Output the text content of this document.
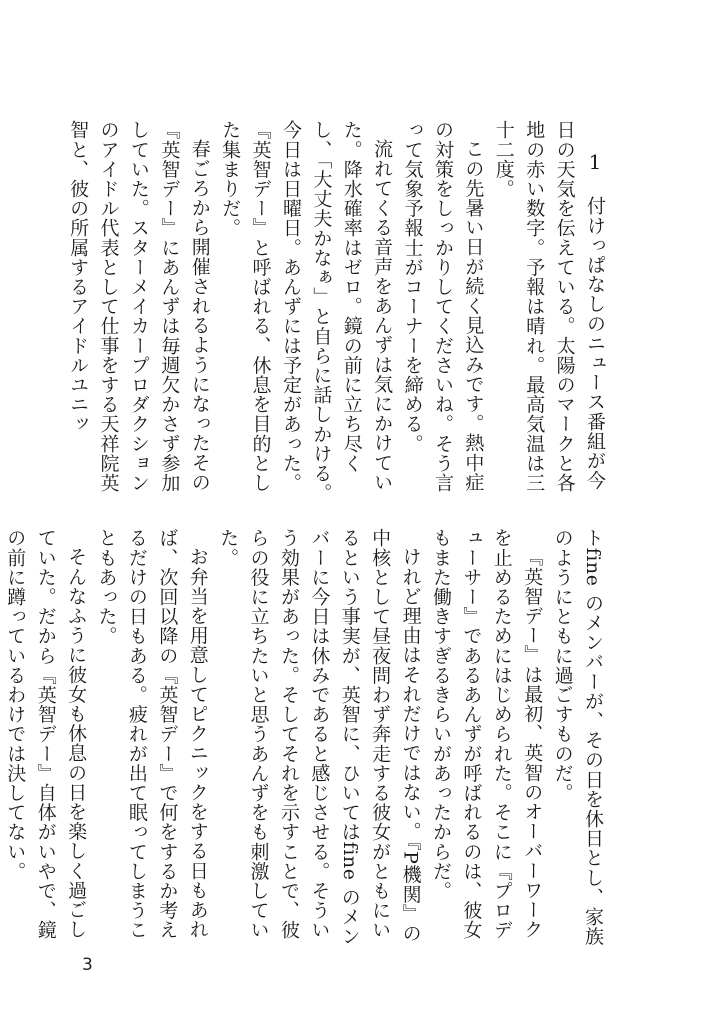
1

付けっぱなしのニュース番組が今日の天気を伝えている。太陽のマークと各地の赤い数字。予報は晴れ。最高気温は三十二度。

この先暑い日が続く見込みです。熱中症の対策をしっかりしてくださいね。そう言って気象予報士がコーナーを締める。

流れてくる音声をあんずは気にかけていた。降水確率はゼロ。鏡の前に立ち尽くし、「大丈夫かなぁ」と自らに話しかける。今日は日曜日。あんずには予定があった。『英智デー』と呼ばれる、休息を目的とした集まりだ。

春ごろから開催されるようになったその『英智デー』にあんずは毎週欠かさず参加していた。スターメイカープロダクションのアイドル代表として仕事をする天祥院英智と、彼の所属するアイドルユニッ

トfine のメンバーが、その日を休日とし、家族のようにともに過ごすものだ。

『英智デー』は最初、英智のオーバーワークを止めるためにはじめられた。そこに『プロデューサー』であるあんずが呼ばれるのは、彼女もまた働きすぎるきらいがあったからだ。

けれど理由はそれだけではない。『P機関』の中核として昼夜問わず奔走する彼女がともにいるという事実が、英智に、ひいてはfine のメンバーに今日は休みであると感じさせる。そういう効果があった。そしてそれを示すことで、彼らの役に立ちたいと思うあんずをも刺激していた。

お弁当を用意してピクニックをする日もあれば、次回以降の『英智デー』で何をするか考えるだけの日もある。疲れが出て眠ってしまうこともあった。

そんなふうに彼女も休息の日を楽しく過ごしていた。だから『英智デー』自体がいやで、鏡の前に蹲っているわけでは決してない。

3
